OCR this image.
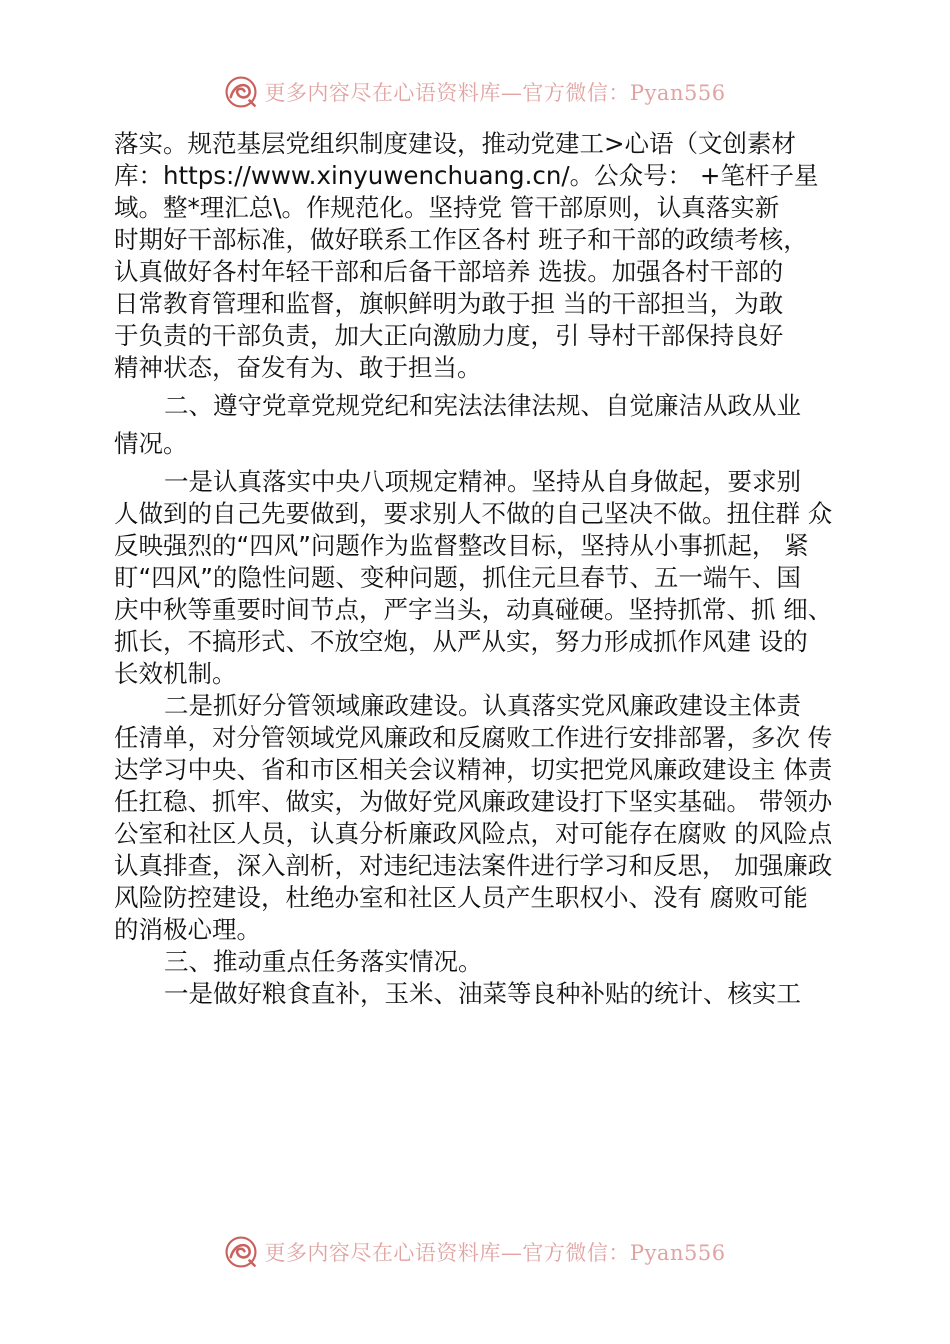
更多内容尽在心语资料库—官方微信：Pyan556
落实。规范基层党组织制度建设，推动党建工>心语（文创素材
库：https://www.xinyuwenchuang.cn/。公众号： +笔杆子星
域。整*理汇总\。作规范化。坚持党 管干部原则，认真落实新
时期好干部标准，做好联系工作区各村 班子和干部的政绩考核，
认真做好各村年轻干部和后备干部培养 选拔。加强各村干部的
日常教育管理和监督，旗帜鲜明为敢于担 当的干部担当，为敢
于负责的干部负责，加大正向激励力度，引 导村干部保持良好
精神状态，奋发有为、敢于担当。
二、遵守党章党规党纪和宪法法律法规、自觉廉洁从政从业
情况。
一是认真落实中央八项规定精神。坚持从自身做起，要求别
人做到的自己先要做到，要求别人不做的自己坚决不做。扭住群 众
反映强烈的“四风”问题作为监督整改目标，坚持从小事抓起， 紧
盯“四风”的隐性问题、变种问题，抓住元旦春节、五一端午、国
庆中秋等重要时间节点，严字当头，动真碰硬。坚持抓常、抓 细、
抓长，不搞形式、不放空炮，从严从实，努力形成抓作风建 设的
长效机制。
二是抓好分管领域廉政建设。认真落实党风廉政建设主体责
任清单，对分管领域党风廉政和反腐败工作进行安排部署，多次 传
达学习中央、省和市区相关会议精神，切实把党风廉政建设主 体责
任扛稳、抓牢、做实，为做好党风廉政建设打下坚实基础。 带领办
公室和社区人员，认真分析廉政风险点，对可能存在腐败 的风险点
认真排查，深入剖析，对违纪违法案件进行学习和反思， 加强廉政
风险防控建设，杜绝办室和社区人员产生职权小、没有 腐败可能
的消极心理。
三、推动重点任务落实情况。
一是做好粮食直补，玉米、油菜等良种补贴的统计、核实工
更多内容尽在心语资料库—官方微信：Pyan556
